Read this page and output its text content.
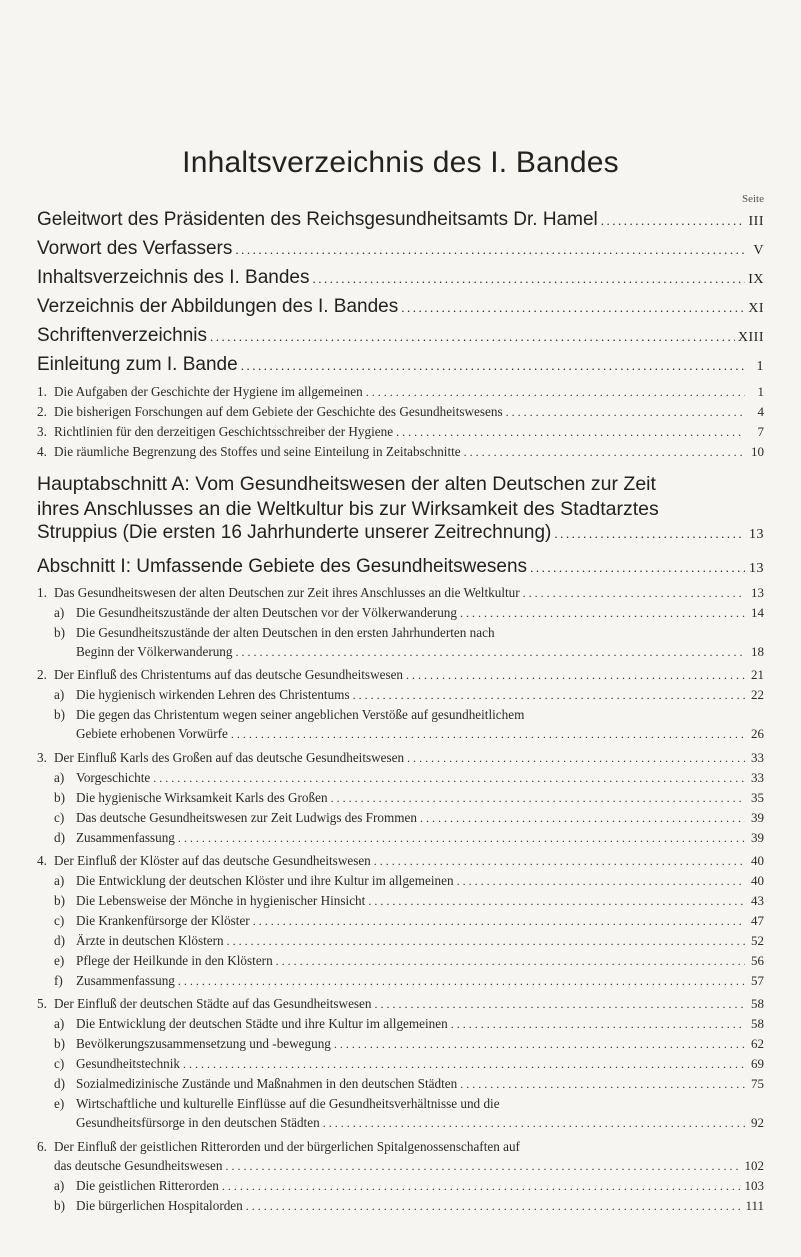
Inhaltsverzeichnis des I. Bandes
Seite
Geleitwort des Präsidenten des Reichsgesundheitsamts Dr. Hamel .....	III
Vorwort des Verfassers .....	V
Inhaltsverzeichnis des I. Bandes .....	IX
Verzeichnis der Abbildungen des I. Bandes .....	XI
Schriftenverzeichnis .....	XIII
Einleitung zum I. Bande .....	1
1. Die Aufgaben der Geschichte der Hygiene im allgemeinen .....	1
2. Die bisherigen Forschungen auf dem Gebiete der Geschichte des Gesundheitswesens .....	4
3. Richtlinien für den derzeitigen Geschichtsschreiber der Hygiene .....	7
4. Die räumliche Begrenzung des Stoffes und seine Einteilung in Zeitabschnitte .....	10
Hauptabschnitt A: Vom Gesundheitswesen der alten Deutschen zur Zeit
ihres Anschlusses an die Weltkultur bis zur Wirksamkeit des Stadtarztes
Struppius (Die ersten 16 Jahrhunderte unserer Zeitrechnung) .....	13
Abschnitt I: Umfassende Gebiete des Gesundheitswesens .....	13
1. Das Gesundheitswesen der alten Deutschen zur Zeit ihres Anschlusses an die Weltkultur .....	13
a) Die Gesundheitszustände der alten Deutschen vor der Völkerwanderung .....	14
b) Die Gesundheitszustände der alten Deutschen in den ersten Jahrhunderten nach
Beginn der Völkerwanderung .....	18
2. Der Einfluß des Christentums auf das deutsche Gesundheitswesen .....	21
a) Die hygienisch wirkenden Lehren des Christentums .....	22
b) Die gegen das Christentum wegen seiner angeblichen Verstöße auf gesundheitlichem
Gebiete erhobenen Vorwürfe .....	26
3. Der Einfluß Karls des Großen auf das deutsche Gesundheitswesen .....	33
a) Vorgeschichte .....	33
b) Die hygienische Wirksamkeit Karls des Großen .....	35
c) Das deutsche Gesundheitswesen zur Zeit Ludwigs des Frommen .....	39
d) Zusammenfassung .....	39
4. Der Einfluß der Klöster auf das deutsche Gesundheitswesen .....	40
a) Die Entwicklung der deutschen Klöster und ihre Kultur im allgemeinen .....	40
b) Die Lebensweise der Mönche in hygienischer Hinsicht .....	43
c) Die Krankenfürsorge der Klöster .....	47
d) Ärzte in deutschen Klöstern .....	52
e) Pflege der Heilkunde in den Klöstern .....	56
f) Zusammenfassung .....	57
5. Der Einfluß der deutschen Städte auf das Gesundheitswesen .....	58
a) Die Entwicklung der deutschen Städte und ihre Kultur im allgemeinen .....	58
b) Bevölkerungszusammensetzung und -bewegung .....	62
c) Gesundheitstechnik .....	69
d) Sozialmedizinische Zustände und Maßnahmen in den deutschen Städten .....	75
e) Wirtschaftliche und kulturelle Einflüsse auf die Gesundheitsverhältnisse und die
Gesundheitsfürsorge in den deutschen Städten .....	92
6. Der Einfluß der geistlichen Ritterorden und der bürgerlichen Spitalgenossenschaften auf
das deutsche Gesundheitswesen .....	102
a) Die geistlichen Ritterorden .....	103
b) Die bürgerlichen Hospitalorden .....	111
